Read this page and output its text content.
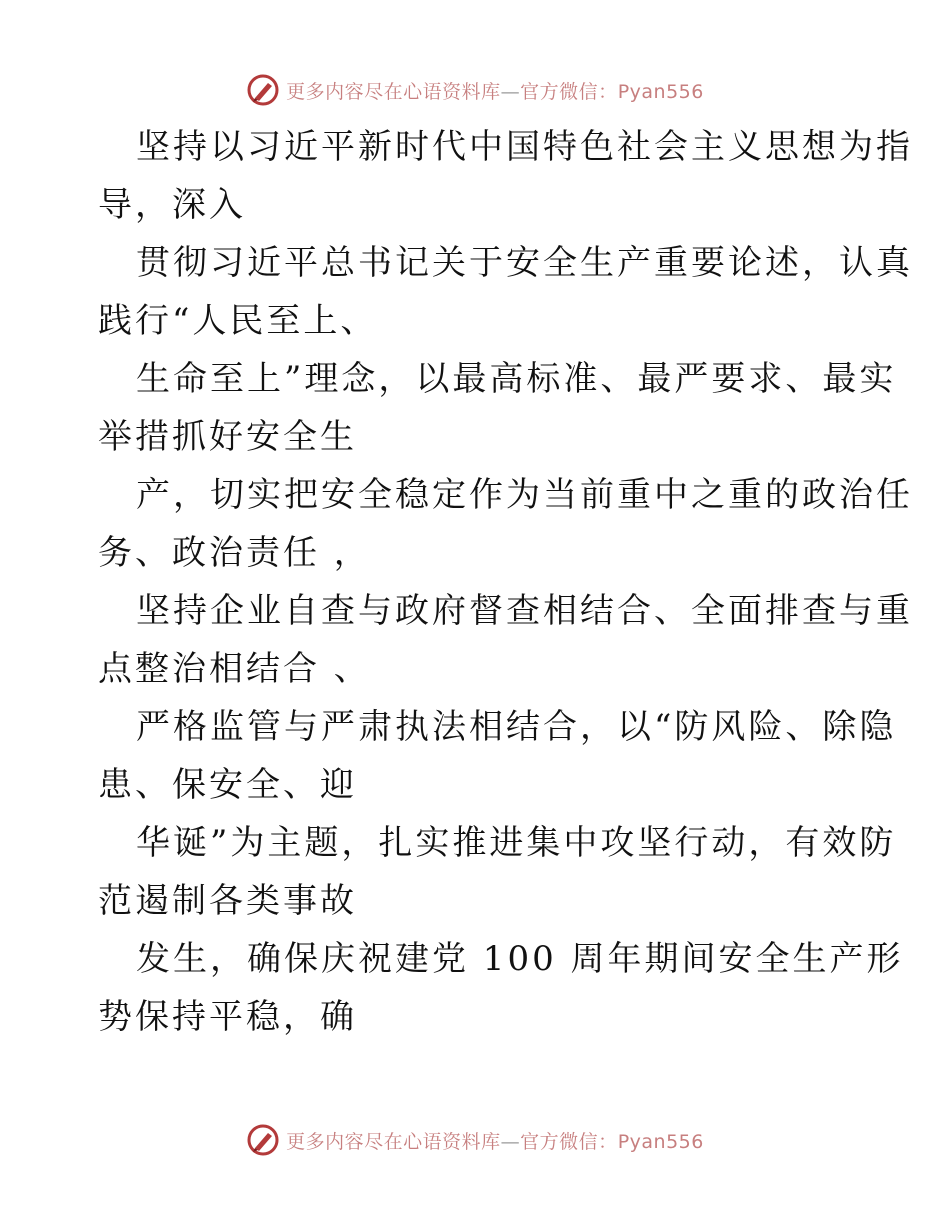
更多内容尽在心语资料库—官方微信：Pyan556

坚持以习近平新时代中国特色社会主义思想为指

导，深入

贯彻习近平总书记关于安全生产重要论述，认真

践行“人民至上、

生命至上”理念，以最高标准、最严要求、最实

举措抓好安全生

产，切实把安全稳定作为当前重中之重的政治任

务、政治责任 ，

坚持企业自查与政府督查相结合、全面排查与重

点整治相结合 、

严格监管与严肃执法相结合，以“防风险、除隐

患、保安全、迎

华诞”为主题，扎实推进集中攻坚行动，有效防

范遏制各类事故

发生，确保庆祝建党 100 周年期间安全生产形

势保持平稳，确

更多内容尽在心语资料库—官方微信：Pyan556
